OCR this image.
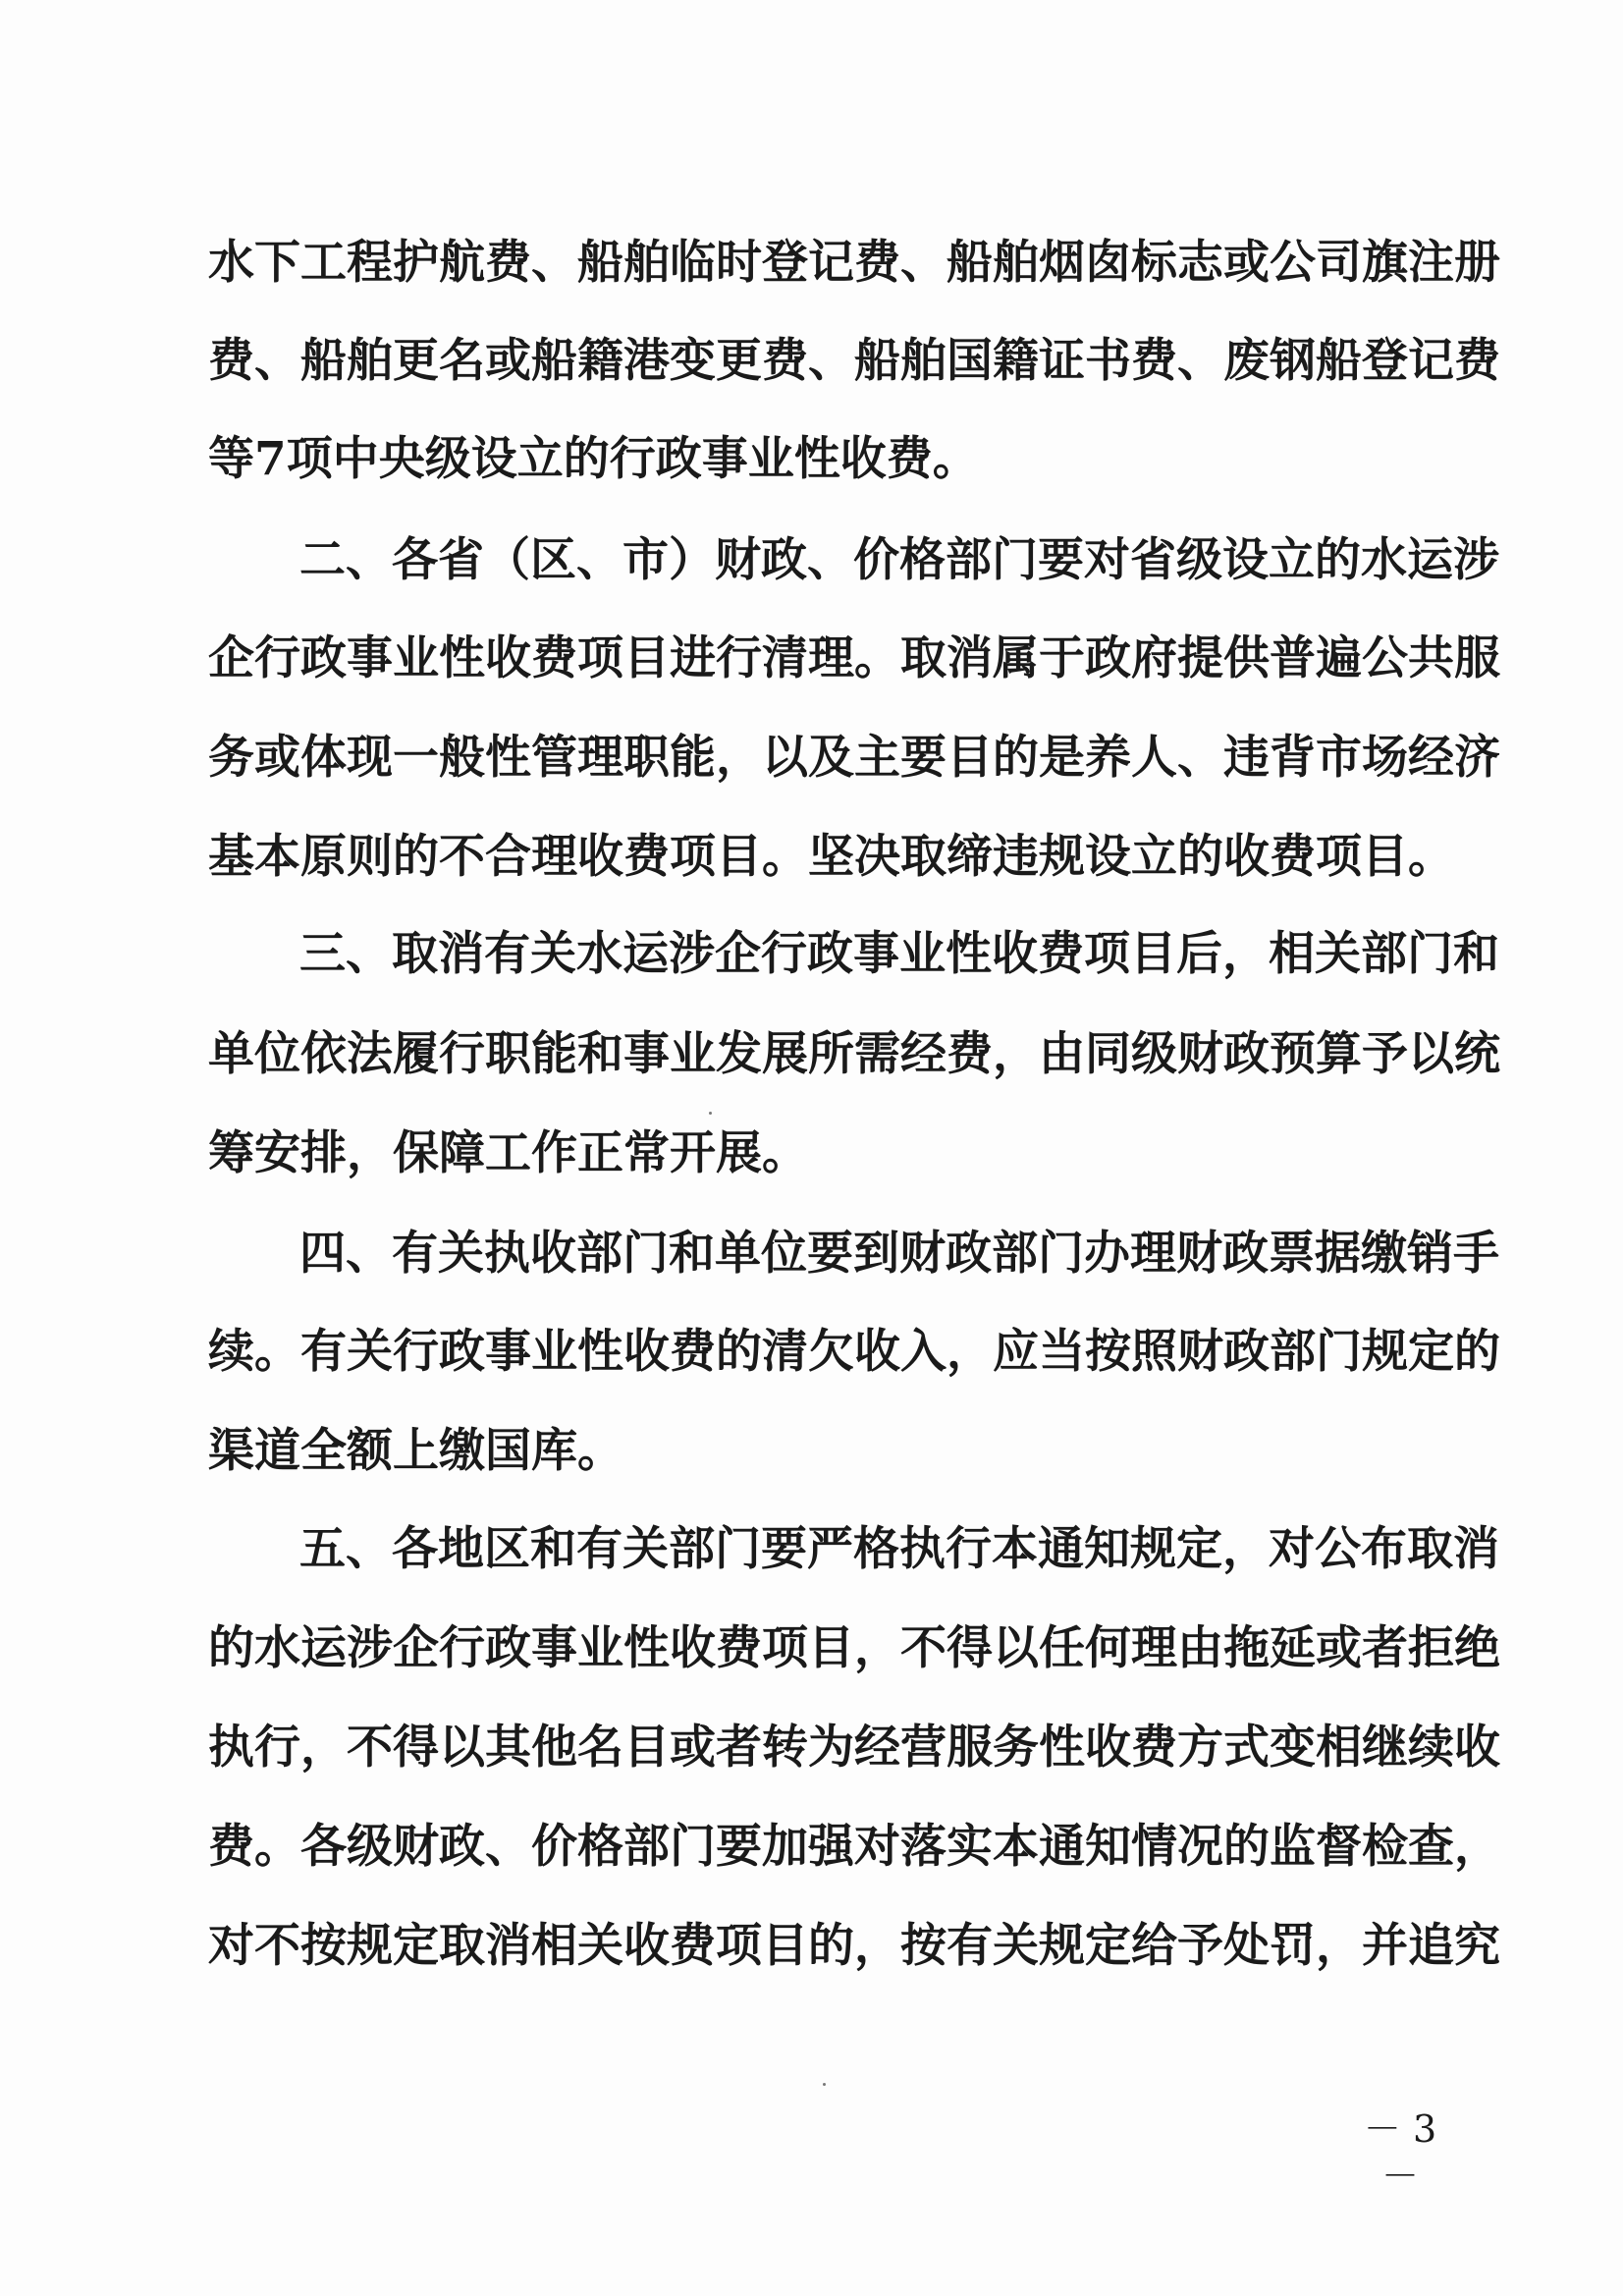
水下工程护航费、船舶临时登记费、船舶烟囱标志或公司旗注册
费、船舶更名或船籍港变更费、船舶国籍证书费、废钢船登记费
等7项中央级设立的行政事业性收费。
二、各省（区、市）财政、价格部门要对省级设立的水运涉
企行政事业性收费项目进行清理。取消属于政府提供普遍公共服
务或体现一般性管理职能，以及主要目的是养人、违背市场经济
基本原则的不合理收费项目。坚决取缔违规设立的收费项目。
三、取消有关水运涉企行政事业性收费项目后，相关部门和
单位依法履行职能和事业发展所需经费，由同级财政预算予以统
筹安排，保障工作正常开展。
四、有关执收部门和单位要到财政部门办理财政票据缴销手
续。有关行政事业性收费的清欠收入，应当按照财政部门规定的
渠道全额上缴国库。
五、各地区和有关部门要严格执行本通知规定，对公布取消
的水运涉企行政事业性收费项目，不得以任何理由拖延或者拒绝
执行，不得以其他名目或者转为经营服务性收费方式变相继续收
费。各级财政、价格部门要加强对落实本通知情况的监督检查，
对不按规定取消相关收费项目的，按有关规定给予处罚，并追究
－ 3 －
